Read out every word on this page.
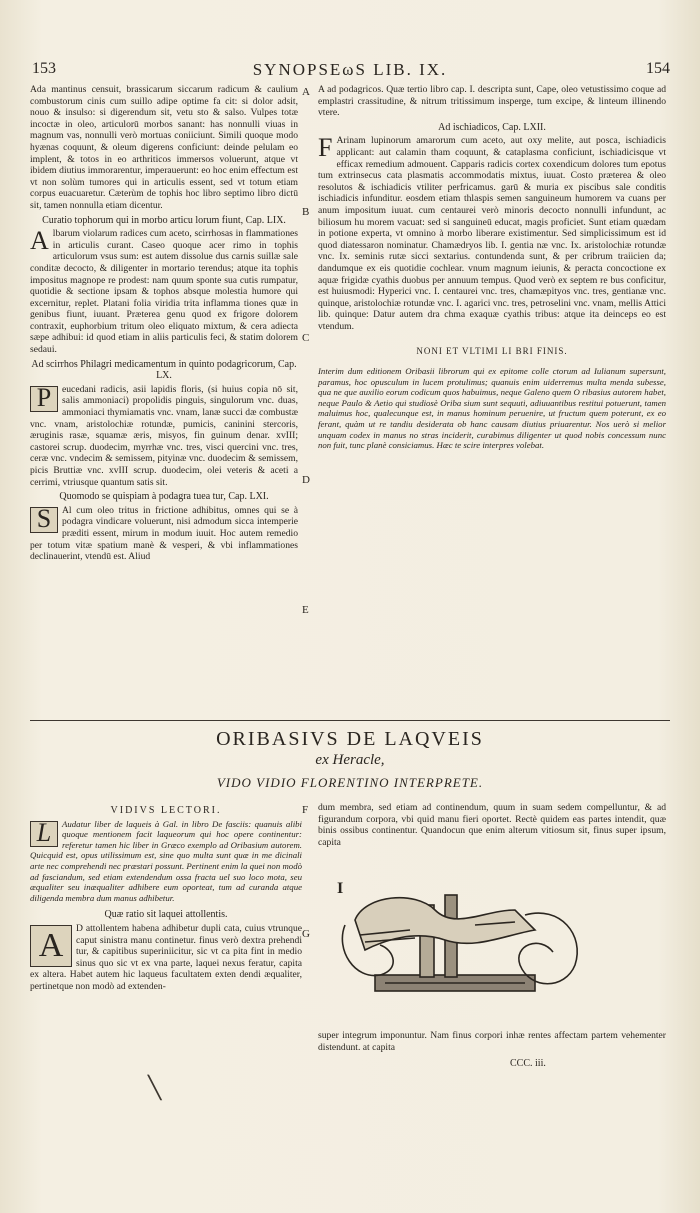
153	SYNOPSEωS LIB. IX.	154

Ada mantinus censuit, brassicarum siccarum radicum & caulium combustorum cinis cum suillo adipe optime fa cit: si dolor adsit, nouo & insulso: si digerendum sit, vetu sto & salso. Vulpes totæ incoctæ in oleo, articulorū morbos sanant: has nonnulli viuas in magnum vas, nonnulli verò mortuas coniiciunt. Simili quoque modo hyænas coquunt, & oleum digerens conficiunt: deinde pelulam eo implent, & totos in eo arthriticos immersos voluerunt, atque vt ibidem diutius immorarentur, imperauerunt: eo hoc enim effectum est vt non solùm tumores qui in articulis essent, sed vt totum etiam corpus euacuaretur. Cæterùm de tophis hoc libro septimo libro dictū sit, tamen nonnulla etiam dicentur.

Curatio tophorum qui in morbo articu lorum fiunt, Cap. LIX.

Albarum violarum radices cum aceto, scirrhosas in flammationes in articulis curant. Caseo quoque acer rimo in tophis articulorum vsus sum: est autem dissolue dus carnis suillæ sale conditæ decocto, & diligenter in mortario terendus; atque ita tophis impositus magnope re prodest: nam quum sponte sua cutis rumpatur, quotidie & sectione ipsam & tophos absque molestia humore qui excernitur, replet. Platani folia viridia trita inflamma tiones quæ in genibus fiunt, iuuant. Præterea genu quod ex frigore dolorem contraxit, euphorbium tritum oleo eliquato mixtum, & cera adiecta sæpe adhibui: id quod etiam in aliis particulis feci, & statim dolorem sedaui.

Ad scirrhos Philagri medicamentum in quinto podagricorum, Cap. LX.

P	eucedani radicis, asii lapidis floris, (si huius copia nō sit, salis ammoniaci) propolidis pinguis, singulorum vnc. duas, ammoniaci thymiamatis vnc. vnam, lanæ succi dæ combustæ vnc. vnam, aristolochiæ rotundæ, pumicis, caninini stercoris, æruginis rasæ, squamæ æris, misyos, fin guinum denar. xvIII; castorei scrup. duodecim, myrrhæ vnc. tres, visci quercini vnc. tres, ceræ vnc. vndecim & semissem, pityinæ vnc. duodecim & semissem, picis Bruttiæ vnc. xvIII scrup. duodecim, olei veteris & aceti a cerrimi, vtriusque quantum satis sit.

Quomodo se quispiam à podagra tuea tur, Cap. LXI.

S	Al cum oleo tritus in frictione adhibitus, omnes qui se à podagra vindicare voluerunt, nisi admodum sicca intemperie præditi essent, mirum in modum iuuit. Hoc autem remedio per totum vitæ spatium manè & vesperi, & vbi inflammationes declinauerint, vtendū est. Aliud

A ad podagricos. Quæ tertio libro cap. I. descripta sunt, Cape, oleo vetustissimo coque ad emplastri crassitudine, & nitrum tritissimum insperge, tum excipe, & linteum illinendo vtere.

Ad ischiadicos, Cap. LXII.

F Arinam lupinorum amarorum cum aceto, aut oxy melite, aut posca, ischiadicis applicant: aut calamin tham coquunt, & cataplasma conficiunt, ischiadicisque vt efficax remedium admouent. Capparis radicis cortex coxendicum dolores tum epotus tum extrinsecus cata plasmatis accommodatis mixtus, iuuat. Costo præterea & oleo resolutos & ischiadicis vtiliter perfricamus. garū & muria ex piscibus sale conditis ischiadicis infunditur. eosdem etiam thlaspis semen sanguineum humorem va cuans per anum impositum iuuat. cum centaurei verò minoris decocto nonnulli infundunt, ac biliosum hu morem vacuat: sed si sanguineū educat, magis proficiet. Sunt etiam quædam in potione experta, vt omnino à morbo liberare existimentur. Sed simplicissimum est id quod diatessaron nominatur. Chamædryos lib. I. gentia næ vnc. Ix. aristolochiæ rotundæ vnc. Ix. seminis rutæ sicci sextarius. contundenda sunt, & per cribrum traiicien da; dandumque ex eis quotidie cochlear. vnum magnum ieiunis, & peracta concoctione ex aquæ frigidæ cyathis duobus per annuum tempus. Quod verò ex septem re bus conficitur, est huiusmodi: Hyperici vnc. I. centaurei vnc. tres, chamæpityos vnc. tres, gentianæ vnc. quinque, aristolochiæ rotundæ vnc. I. agarici vnc. tres, petroselini vnc. vnam, mellis Attici lib. quinque: Datur autem dra chma exaquæ cyathis tribus: atque ita deinceps eo est vtendum.

NONI ET VLTIMI LI BRI FINIS.

Interim dum editionem Oribasii librorum qui ex epitome colle ctorum ad Iulianum supersunt, paramus, hoc opusculum in lucem protulimus; quanuis enim uiderremus multa menda subesse, qua ne que auxilio eorum codicum quos habuimus, neque Galeno quem O ribasius autorem habet, neque Paulo & Aetio qui studiosè Oriba sium sunt sequuti, adiuuantibus restitui potuerunt, tamen maluimus hoc, qualecunque est, in manus hominum peruenire, ut fructum quem poterunt, ex eo ferant, quàm ut re tandiu desiderata ob hanc causam diutius priuarentur. Nos uerò si melior unquam codex in manus no stras inciderit, curabimus diligenter ut quod nobis concessum nunc non fuit, tunc planè consiciamus. Hæc te scire interpres volebat.

A
B
C
D
E
F
G
ORIBASIVS DE LAQVEIS
ex Heracle,
VIDO VIDIO FLORENTINO INTERPRETE.
VIDIVS LECTORI.

L	Audatur liber de laqueis à Gal. in libro De fasciis: quanuis alibi quoque mentionem facit laqueorum qui hoc opere continentur: referetur tamen hic liber in Græco exemplo ad Oribasium autorem. Quicquid est, opus utilissimum est, sine quo multa sunt quæ in me dicinali arte nec comprehendi nec præstari possunt. Pertinent enim la quei non modò ad fasciandum, sed etiam extendendum ossa fracta uel suo loco mota, seu æqualiter seu inæqualiter adhibere eum oporteat, tum ad curanda atque diligenda membra dum manus adhibetur.

Quæ ratio sit laquei attollentis.

A	D attollentem habena adhibetur dupli cata, cuius vtrunque caput sinistra manu continetur. finus verò dextra prehendi tur, & capitibus superiniicitur, sic vt ca pita fint in medio sinus quo sic vt ex vna parte, laquei nexus feratur, capita ex altera. Habet autem hic laqueus facultatem exten dendi æqualiter, pertinetque non modò ad extenden-

dum membra, sed etiam ad continendum, quum in suam sedem compelluntur, & ad figurandum corpora, vbi quid manu fieri oportet. Rectè quidem eas partes intendit, quæ binis ossibus continentur. Quandocun que enim alterum vitiosum sit, finus super ipsum, capita

I

super integrum imponuntur. Nam finus corpori inhæ rentes affectam partem vehementer distendunt. at capita

CCC. iii.
╲
